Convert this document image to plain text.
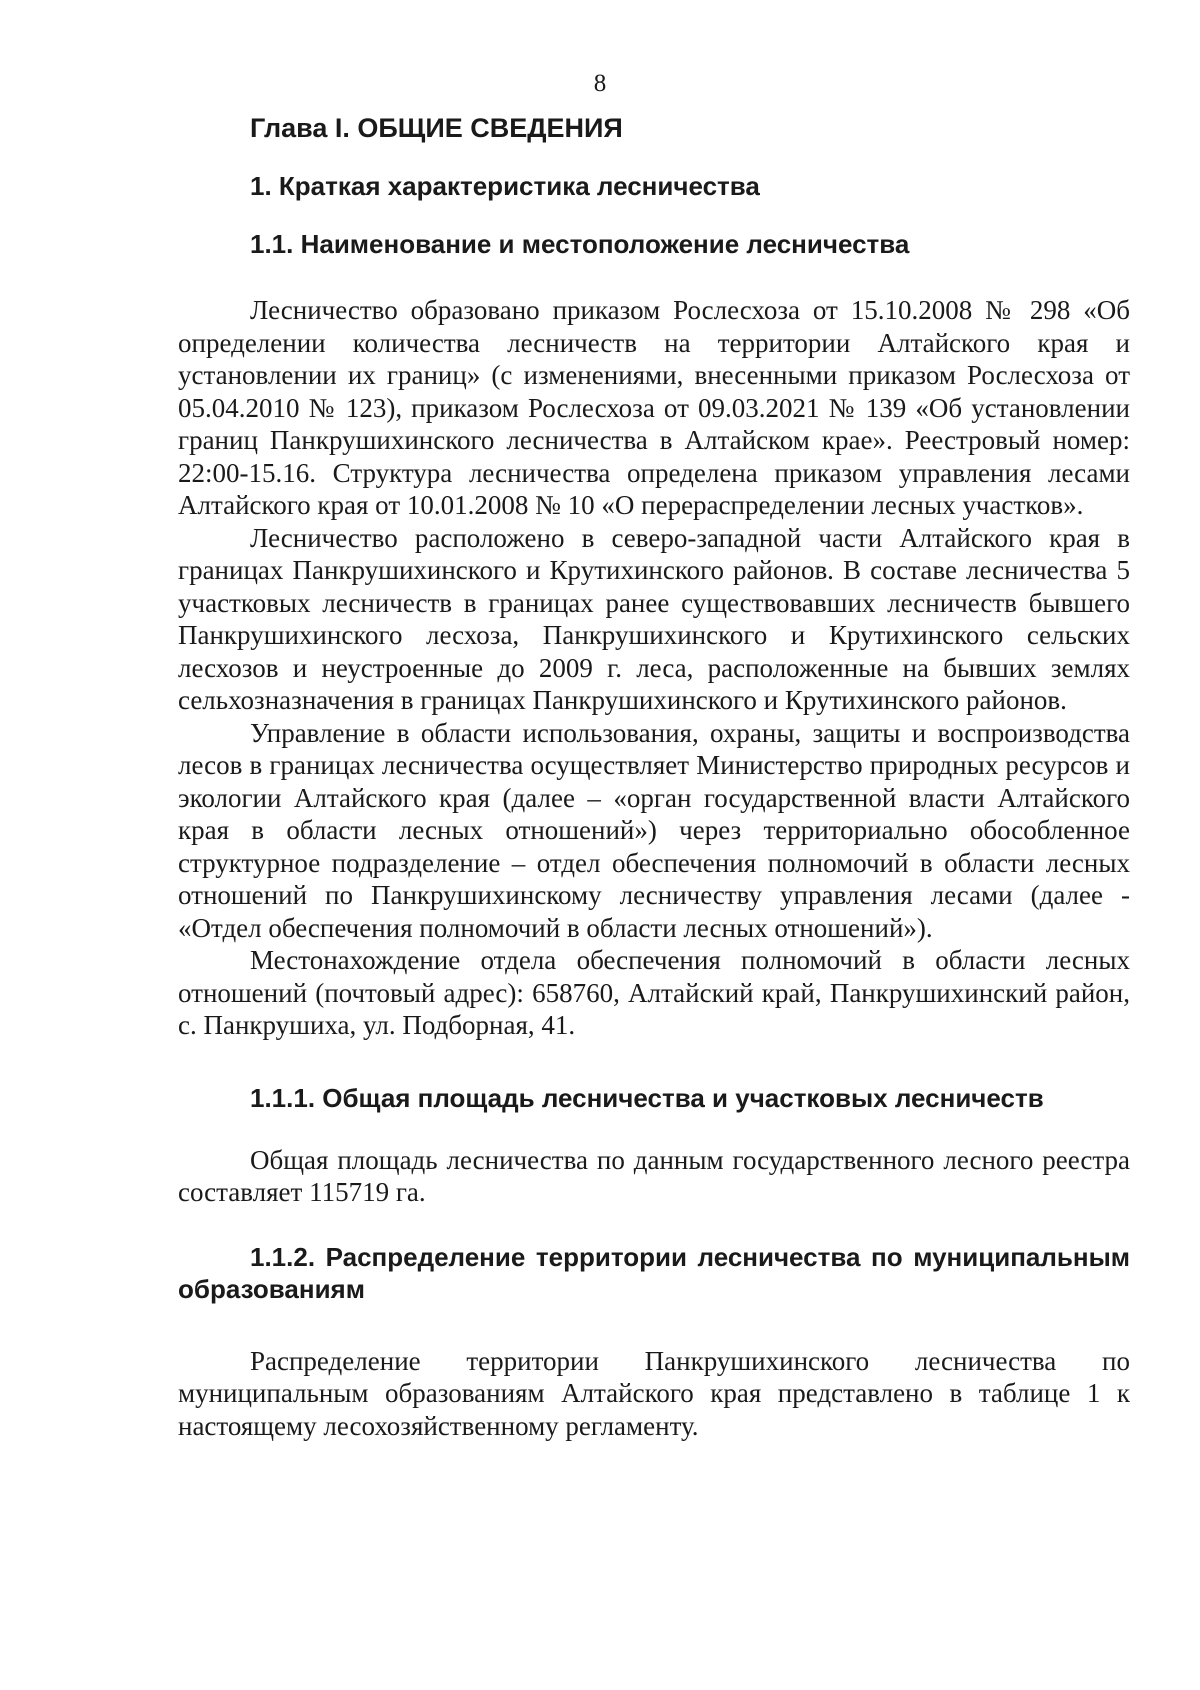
8
Глава I. ОБЩИЕ СВЕДЕНИЯ
1. Краткая характеристика лесничества
1.1. Наименование и местоположение лесничества

Лесничество образовано приказом Рослесхоза от 15.10.2008 № 298 «Об определении количества лесничеств на территории Алтайского края и установлении их границ» (с изменениями, внесенными приказом Рослесхоза от 05.04.2010 № 123), приказом Рослесхоза от 09.03.2021 № 139 «Об установлении границ Панкрушихинского лесничества в Алтайском крае». Реестровый номер: 22:00-15.16. Структура лесничества определена приказом управления лесами Алтайского края от 10.01.2008 № 10 «О перераспределении лесных участков».

Лесничество расположено в северо-западной части Алтайского края в границах Панкрушихинского и Крутихинского районов. В составе лесничества 5 участковых лесничеств в границах ранее существовавших лесничеств бывшего Панкрушихинского лесхоза, Панкрушихинского и Крутихинского сельских лесхозов и неустроенные до 2009 г. леса, расположенные на бывших землях сельхозназначения в границах Панкрушихинского и Крутихинского районов.

Управление в области использования, охраны, защиты и воспроизводства лесов в границах лесничества осуществляет Министерство природных ресурсов и экологии Алтайского края (далее – «орган государственной власти Алтайского края в области лесных отношений») через территориально обособленное структурное подразделение – отдел обеспечения полномочий в области лесных отношений по Панкрушихинскому лесничеству управления лесами (далее - «Отдел обеспечения полномочий в области лесных отношений»).

Местонахождение отдела обеспечения полномочий в области лесных отношений (почтовый адрес): 658760, Алтайский край, Панкрушихинский район, с. Панкрушиха, ул. Подборная, 41.

1.1.1. Общая площадь лесничества и участковых лесничеств

Общая площадь лесничества по данным государственного лесного реестра составляет 115719 га.

1.1.2. Распределение территории лесничества по муниципальным образованиям

Распределение территории Панкрушихинского лесничества по муниципальным образованиям Алтайского края представлено в таблице 1 к настоящему лесохозяйственному регламенту.
